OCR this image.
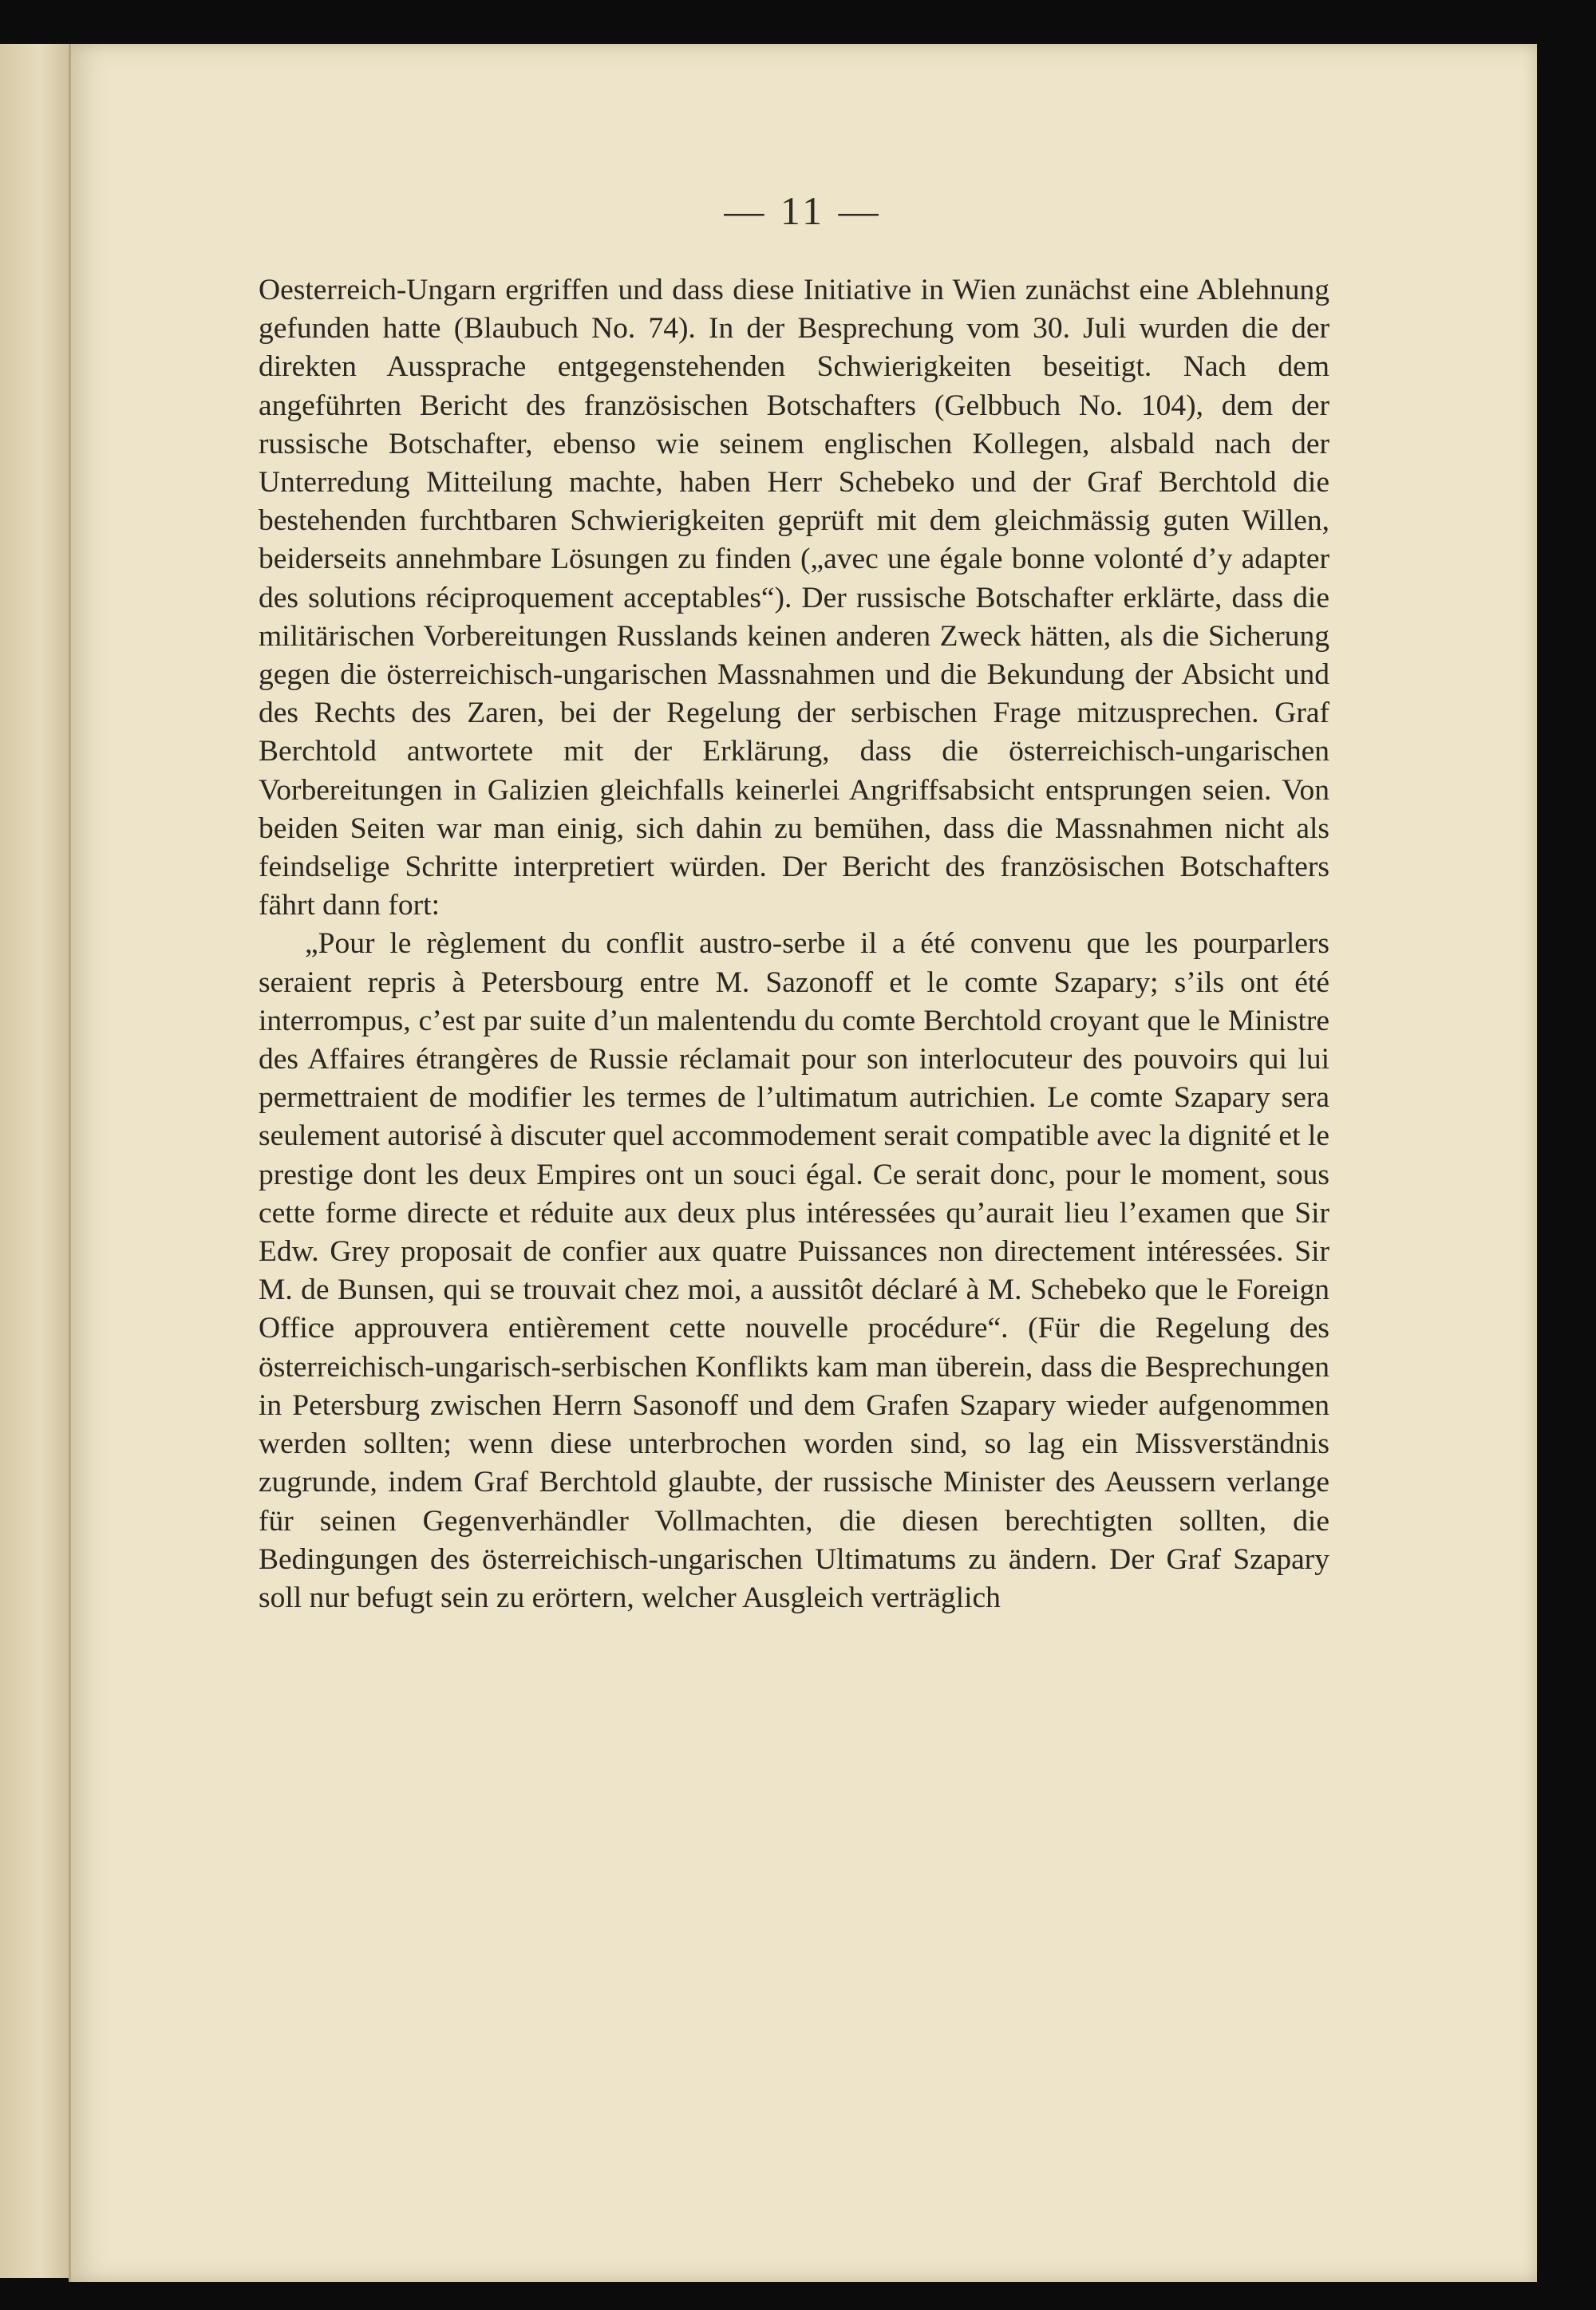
— 11 —

Oesterreich-Ungarn ergriffen und dass diese Initiative in Wien zunächst eine Ablehnung gefunden hatte (Blaubuch No. 74). In der Besprechung vom 30. Juli wurden die der direkten Aussprache entgegenstehenden Schwierigkeiten beseitigt. Nach dem angeführten Bericht des französischen Botschafters (Gelbbuch No. 104), dem der russische Botschafter, ebenso wie seinem englischen Kollegen, alsbald nach der Unterredung Mitteilung machte, haben Herr Schebeko und der Graf Berchtold die bestehenden furchtbaren Schwierigkeiten geprüft mit dem gleichmässig guten Willen, beiderseits annehmbare Lösungen zu finden („avec une égale bonne volonté d’y adapter des solutions réciproquement acceptables“). Der russische Botschafter erklärte, dass die militärischen Vorbereitungen Russlands keinen anderen Zweck hätten, als die Sicherung gegen die österreichisch-ungarischen Massnahmen und die Bekundung der Absicht und des Rechts des Zaren, bei der Regelung der serbischen Frage mitzusprechen. Graf Berchtold antwortete mit der Erklärung, dass die österreichisch-ungarischen Vorbereitungen in Galizien gleichfalls keinerlei Angriffsabsicht entsprungen seien. Von beiden Seiten war man einig, sich dahin zu bemühen, dass die Massnahmen nicht als feindselige Schritte interpretiert würden. Der Bericht des französischen Botschafters fährt dann fort:

„Pour le règlement du conflit austro-serbe il a été convenu que les pourparlers seraient repris à Petersbourg entre M. Sazonoff et le comte Szapary; s’ils ont été interrompus, c’est par suite d’un malentendu du comte Berchtold croyant que le Ministre des Affaires étrangères de Russie réclamait pour son interlocuteur des pouvoirs qui lui permettraient de modifier les termes de l’ultimatum autrichien. Le comte Szapary sera seulement autorisé à discuter quel accommodement serait compatible avec la dignité et le prestige dont les deux Empires ont un souci égal. Ce serait donc, pour le moment, sous cette forme directe et réduite aux deux plus intéressées qu’aurait lieu l’examen que Sir Edw. Grey proposait de confier aux quatre Puissances non directement intéressées. Sir M. de Bunsen, qui se trouvait chez moi, a aussitôt déclaré à M. Schebeko que le Foreign Office approuvera entièrement cette nouvelle procédure“. (Für die Regelung des österreichisch-ungarisch-serbischen Konflikts kam man überein, dass die Besprechungen in Petersburg zwischen Herrn Sasonoff und dem Grafen Szapary wieder aufgenommen werden sollten; wenn diese unterbrochen worden sind, so lag ein Missverständnis zugrunde, indem Graf Berchtold glaubte, der russische Minister des Aeussern verlange für seinen Gegenverhändler Vollmachten, die diesen berechtigten sollten, die Bedingungen des österreichisch-ungarischen Ultimatums zu ändern. Der Graf Szapary soll nur befugt sein zu erörtern, welcher Ausgleich verträglich
